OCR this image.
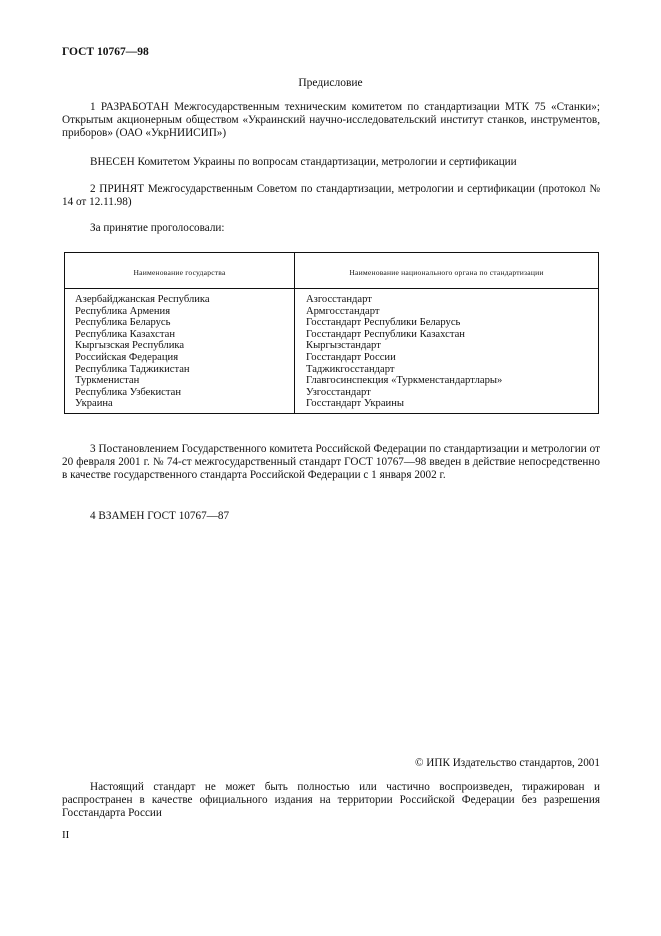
ГОСТ 10767—98
Предисловие

1 РАЗРАБОТАН Межгосударственным техническим комитетом по стандартизации МТК 75 «Станки»; Открытым акционерным обществом «Украинский научно-исследовательский институт станков, инструментов, приборов» (ОАО «УкрНИИСИП»)

ВНЕСЕН Комитетом Украины по вопросам стандартизации, метрологии и сертификации

2 ПРИНЯТ Межгосударственным Советом по стандартизации, метрологии и сертификации (протокол № 14 от 12.11.98)

За принятие проголосовали:

Наименование государства	Наименование национального органа по стандартизации
Азербайджанская Республика
Республика Армения
Республика Беларусь
Республика Казахстан
Кыргызская Республика
Российская Федерация
Республика Таджикистан
Туркменистан
Республика Узбекистан
Украина
Азгосстандарт
Армгосстандарт
Госстандарт Республики Беларусь
Госстандарт Республики Казахстан
Кыргызстандарт
Госстандарт России
Таджикгосстандарт
Главгосинспекция «Туркменстандартлары»
Узгосстандарт
Госстандарт Украины

3 Постановлением Государственного комитета Российской Федерации по стандартизации и метрологии от 20 февраля 2001 г. № 74-ст межгосударственный стандарт ГОСТ 10767—98 введен в действие непосредственно в качестве государственного стандарта Российской Федерации с 1 января 2002 г.

4 ВЗАМЕН ГОСТ 10767—87

© ИПК Издательство стандартов, 2001

Настоящий стандарт не может быть полностью или частично воспроизведен, тиражирован и распространен в качестве официального издания на территории Российской Федерации без разрешения Госстандарта России

II
